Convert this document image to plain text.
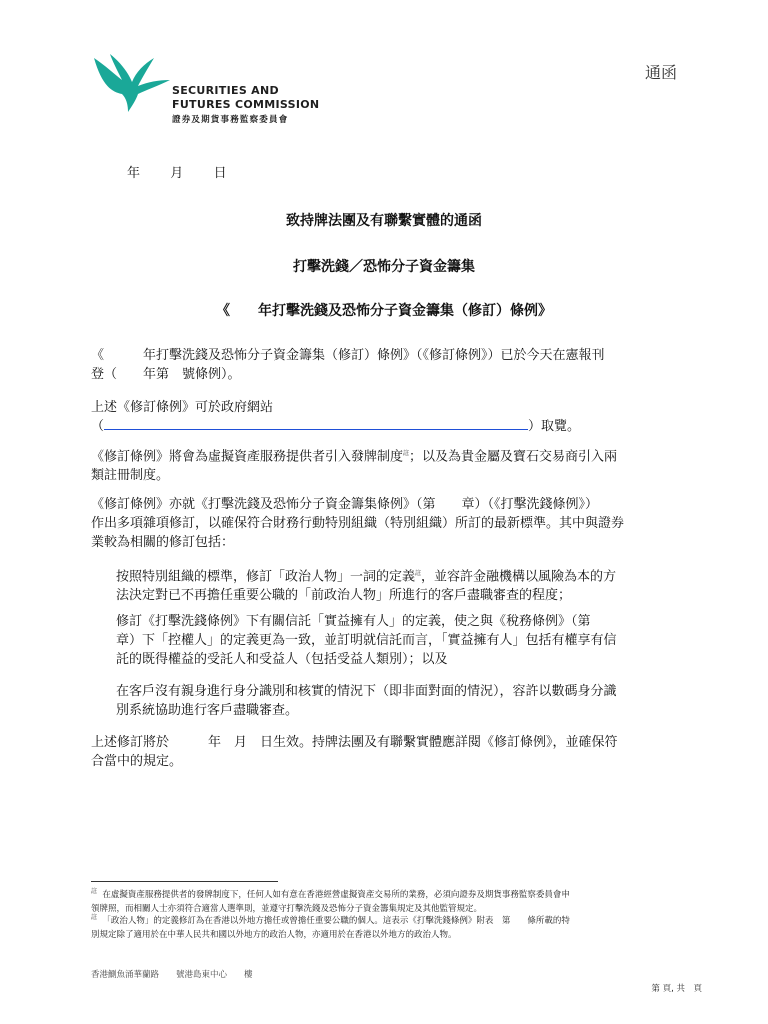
SECURITIES AND
FUTURES COMMISSION
證券及期貨事務監察委員會
通函
年 月 日
致持牌法團及有聯繫實體的通函
打擊洗錢／恐怖分子資金籌集
《　　年打擊洗錢及恐怖分子資金籌集（修訂）條例》
《　　　年打擊洗錢及恐怖分子資金籌集（修訂）條例》（《修訂條例》）已於今天在憲報刊
登（　　年第　號條例）。
上述《修訂條例》可於政府網站
（	）取覽。
《修訂條例》將會為虛擬資產服務提供者引入發牌制度$^註$；以及為貴金屬及寶石交易商引入兩
類註冊制度。
《修訂條例》亦就《打擊洗錢及恐怖分子資金籌集條例》（第　　章）（《打擊洗錢條例》）
作出多項雜項修訂，以確保符合財務行動特別組織（特別組織）所訂的最新標準。其中與證券
業較為相關的修訂包括：
按照特別組織的標準，修訂「政治人物」一詞的定義$^註$，並容許金融機構以風險為本的方
法決定對已不再擔任重要公職的「前政治人物」所進行的客戶盡職審查的程度；
修訂《打擊洗錢條例》下有關信託「實益擁有人」的定義，使之與《稅務條例》（第
章）下「控權人」的定義更為一致，並訂明就信託而言，「實益擁有人」包括有權享有信
託的既得權益的受託人和受益人（包括受益人類別）；以及
在客戶沒有親身進行身分識別和核實的情況下（即非面對面的情況），容許以數碼身分識
別系統協助進行客戶盡職審查。
上述修訂將於　　　年　月　日生效。持牌法團及有聯繫實體應詳閱《修訂條例》，並確保符
合當中的規定。
$^註$ 在虛擬資產服務提供者的發牌制度下，任何人如有意在香港經營虛擬資產交易所的業務，必須向證券及期貨事務監察委員會申
領牌照，而相關人士亦須符合適當人選準則，並遵守打擊洗錢及恐怖分子資金籌集規定及其他監管規定。
$^註$ 「政治人物」的定義修訂為在香港以外地方擔任或曾擔任重要公職的個人。這表示《打擊洗錢條例》附表　第　　條所載的特
別規定除了適用於在中華人民共和國以外地方的政治人物，亦適用於在香港以外地方的政治人物。
香港鰂魚涌華蘭路　　號港島東中心　　樓
第 頁, 共　頁
